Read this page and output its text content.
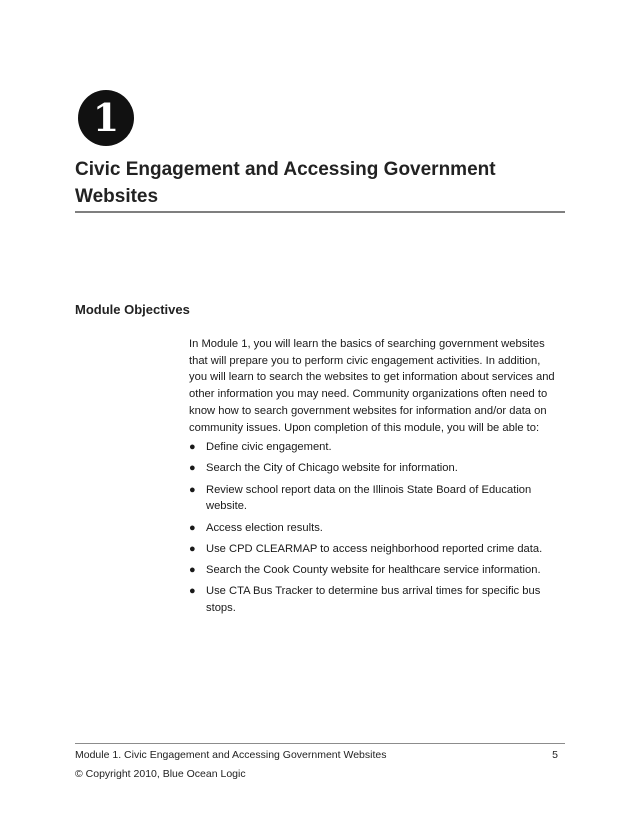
1
Civic Engagement and Accessing Government Websites
Module Objectives

In Module 1, you will learn the basics of searching government websites that will prepare you to perform civic engagement activities. In addition, you will learn to search the websites to get information about services and other information you may need. Community organizations often need to know how to search government websites for information and/or data on community issues. Upon completion of this module, you will be able to:

● Define civic engagement.
● Search the City of Chicago website for information.
● Review school report data on the Illinois State Board of Education website.
● Access election results.
● Use CPD CLEARMAP to access neighborhood reported crime data.
● Search the Cook County website for healthcare service information.
● Use CTA Bus Tracker to determine bus arrival times for specific bus stops.
Module 1. Civic Engagement and Accessing Government Websites	5
© Copyright 2010, Blue Ocean Logic
